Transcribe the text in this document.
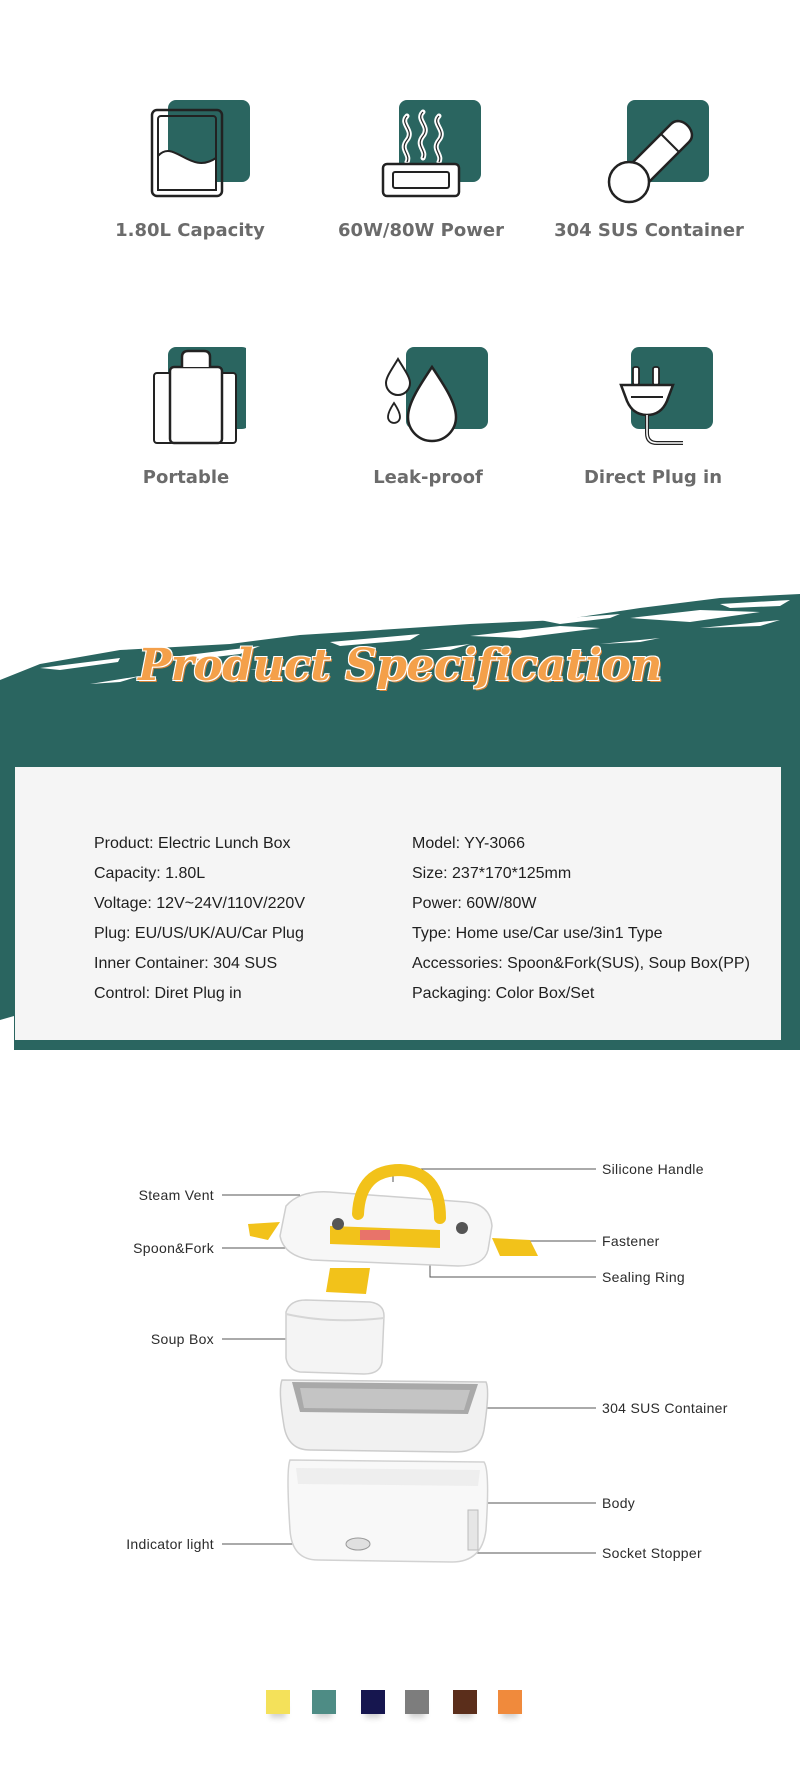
1.80L Capacity	60W/80W Power	304 SUS Container
Portable	Leak-proof	Direct Plug in
Product Specification
Product: Electric Lunch Box
Capacity: 1.80L
Voltage: 12V~24V/110V/220V
Plug: EU/US/UK/AU/Car Plug
Inner Container: 304 SUS
Control: Diret Plug in
Model: YY-3066
Size: 237*170*125mm
Power: 60W/80W
Type: Home use/Car use/3in1 Type
Accessories: Spoon&Fork(SUS), Soup Box(PP)
Packaging: Color Box/Set
Steam Vent
Spoon&Fork
Soup Box
Indicator light
Silicone Handle
Fastener
Sealing Ring
304 SUS Container
Body
Socket Stopper
